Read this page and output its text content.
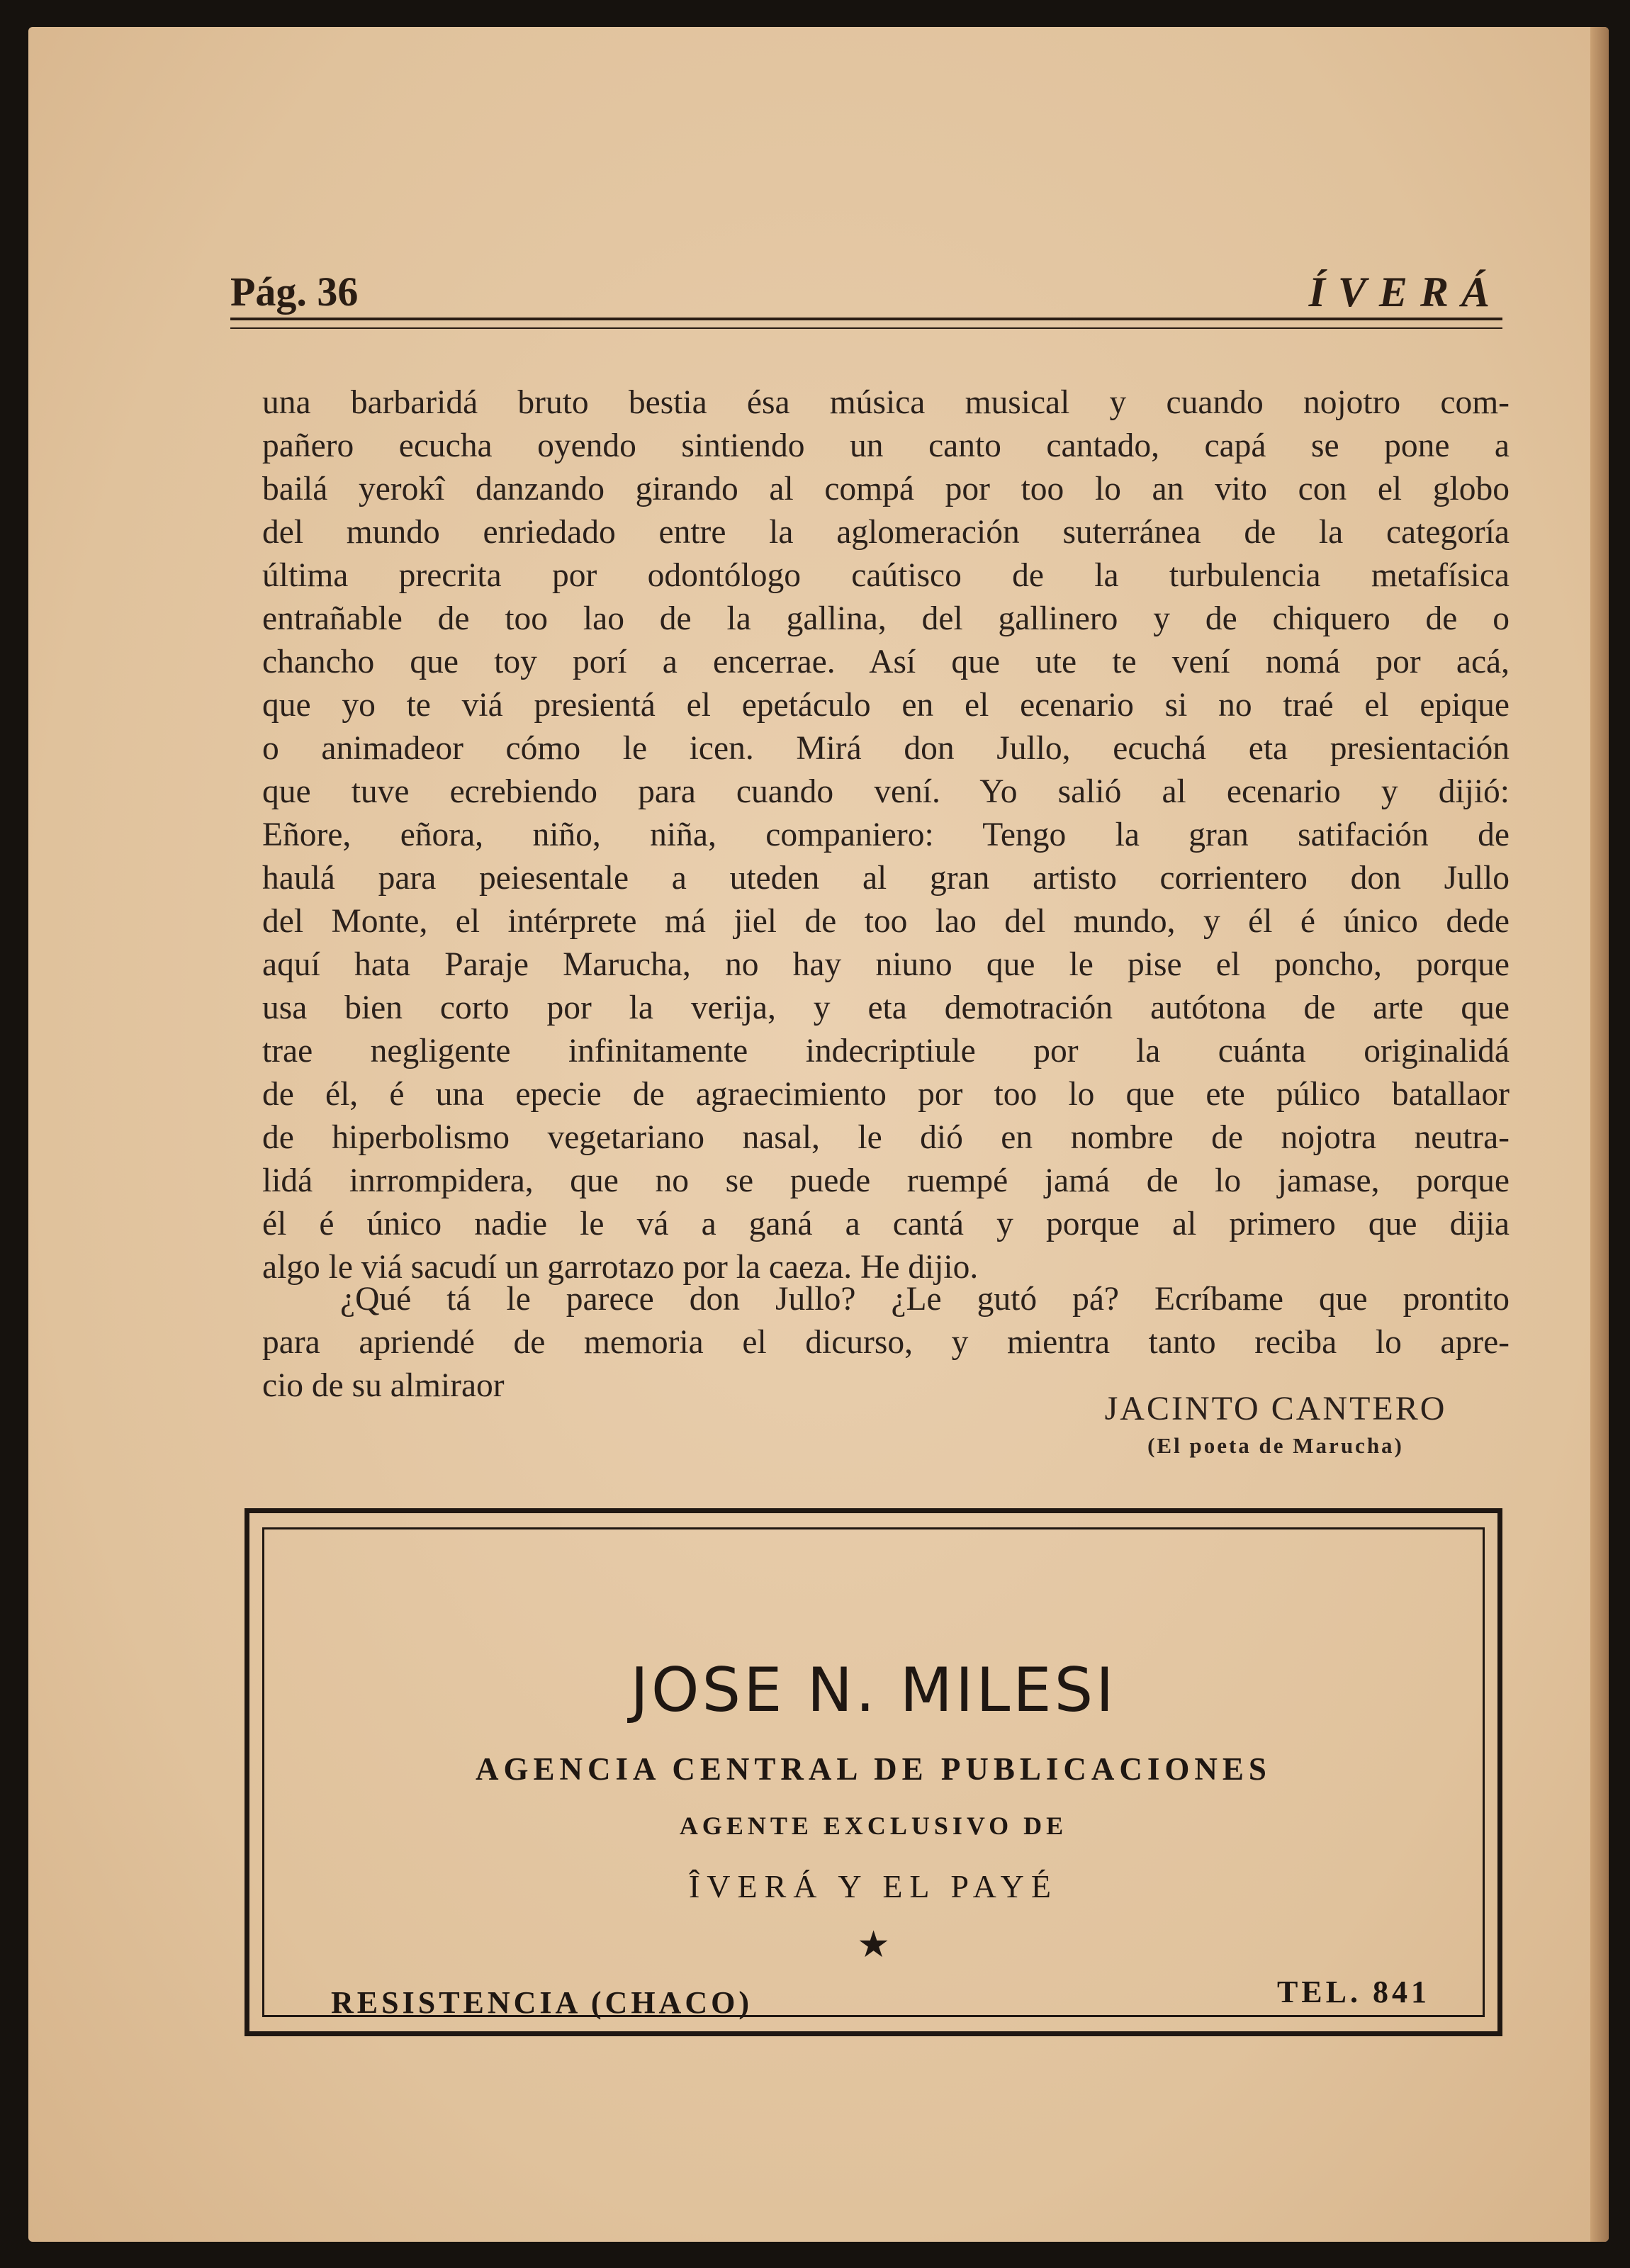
Pág. 36	ÍVERÁ

una barbaridá bruto bestia ésa música musical y cuando nojotro com-

pañero ecucha oyendo sintiendo un canto cantado, capá se pone a

bailá yerokî danzando girando al compá por too lo an vito con el globo

del mundo enriedado entre la aglomeración suterránea de la categoría

última precrita por odontólogo caútisco de la turbulencia metafísica

entrañable de too lao de la gallina, del gallinero y de chiquero de o

chancho que toy porí a encerrae. Así que ute te vení nomá por acá,

que yo te viá presientá el epetáculo en el ecenario si no traé el epique

o animadeor cómo le icen. Mirá don Jullo, ecuchá eta presientación

que tuve ecrebiendo para cuando vení. Yo salió al ecenario y dijió:

Eñore, eñora, niño, niña, companiero: Tengo la gran satifación de

haulá para peiesentale a uteden al gran artisto corrientero don Jullo

del Monte, el intérprete má jiel de too lao del mundo, y él é único dede

aquí hata Paraje Marucha, no hay niuno que le pise el poncho, porque

usa bien corto por la verija, y eta demotración autótona de arte que

trae negligente infinitamente indecriptiule por la cuánta originalidá

de él, é una epecie de agraecimiento por too lo que ete púlico batallaor

de hiperbolismo vegetariano nasal, le dió en nombre de nojotra neutra-

lidá inrrompidera, que no se puede ruempé jamá de lo jamase, porque

él é único nadie le vá a ganá a cantá y porque al primero que dijia

algo le viá sacudí un garrotazo por la caeza. He dijio.

¿Qué tá le parece don Jullo? ¿Le gutó pá? Ecríbame que prontito
para apriendé de memoria el dicurso, y mientra tanto reciba lo apre-
cio de su almiraor
JACINTO CANTERO
(El poeta de Marucha)
JOSE N. MILESI
AGENCIA CENTRAL DE PUBLICACIONES
AGENTE EXCLUSIVO DE
ÎVERÁ Y EL PAYÉ
★
RESISTENCIA (CHACO)	TEL. 841
